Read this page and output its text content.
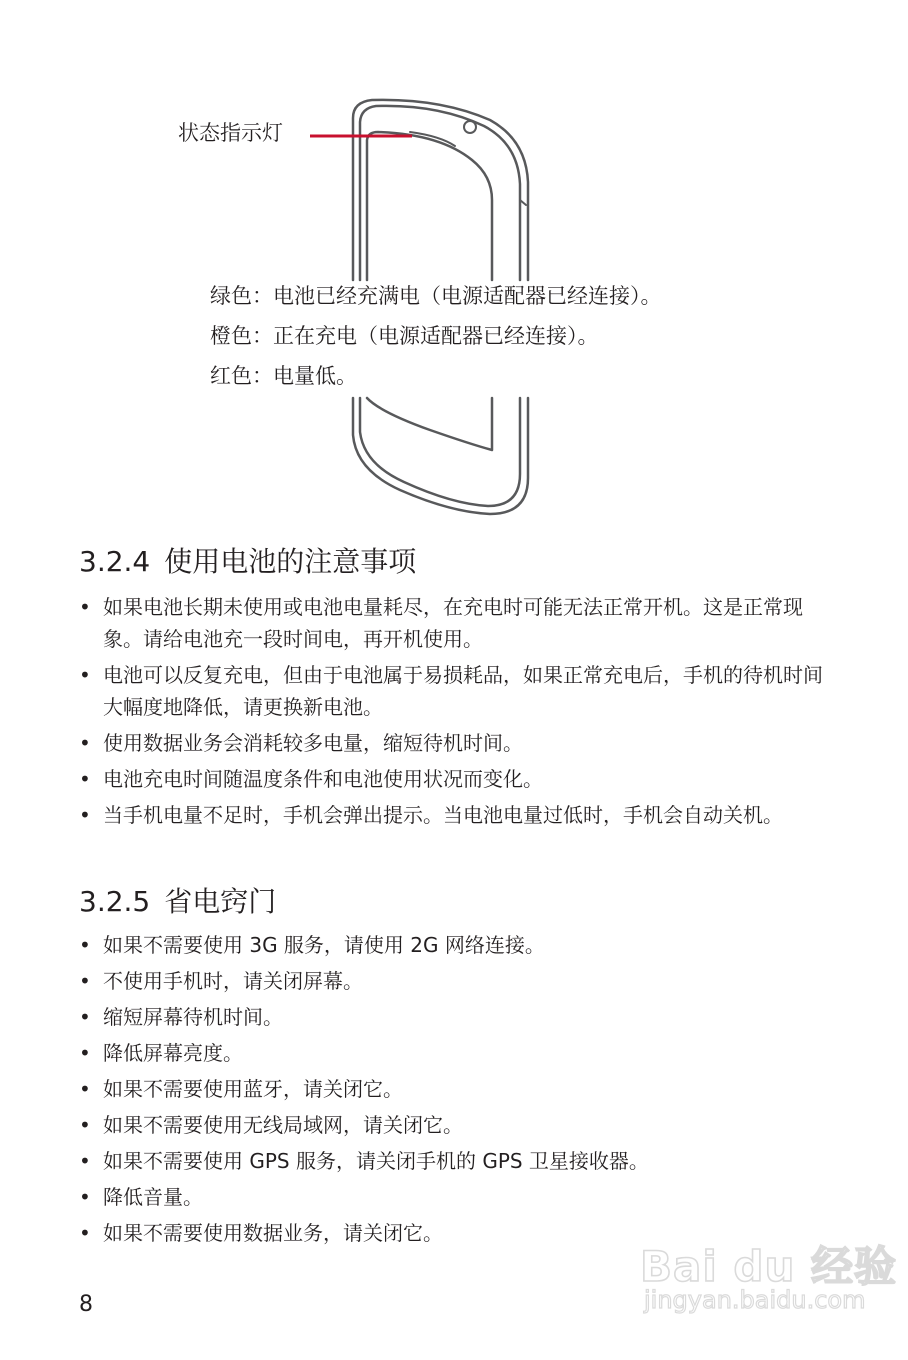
状态指示灯
绿色：电池已经充满电（电源适配器已经连接）。
橙色：正在充电（电源适配器已经连接）。
红色：电量低。
3.2.4 使用电池的注意事项
• 如果电池长期未使用或电池电量耗尽，在充电时可能无法正常开机。这是正常现象。请给电池充一段时间电，再开机使用。
• 电池可以反复充电，但由于电池属于易损耗品，如果正常充电后，手机的待机时间大幅度地降低，请更换新电池。
• 使用数据业务会消耗较多电量，缩短待机时间。
• 电池充电时间随温度条件和电池使用状况而变化。
• 当手机电量不足时，手机会弹出提示。当电池电量过低时，手机会自动关机。
3.2.5 省电窍门
• 如果不需要使用 3G 服务，请使用 2G 网络连接。
• 不使用手机时，请关闭屏幕。
• 缩短屏幕待机时间。
• 降低屏幕亮度。
• 如果不需要使用蓝牙，请关闭它。
• 如果不需要使用无线局域网，请关闭它。
• 如果不需要使用 GPS 服务，请关闭手机的 GPS 卫星接收器。
• 降低音量。
• 如果不需要使用数据业务，请关闭它。
8
Bai du 经验
jingyan.baidu.com
